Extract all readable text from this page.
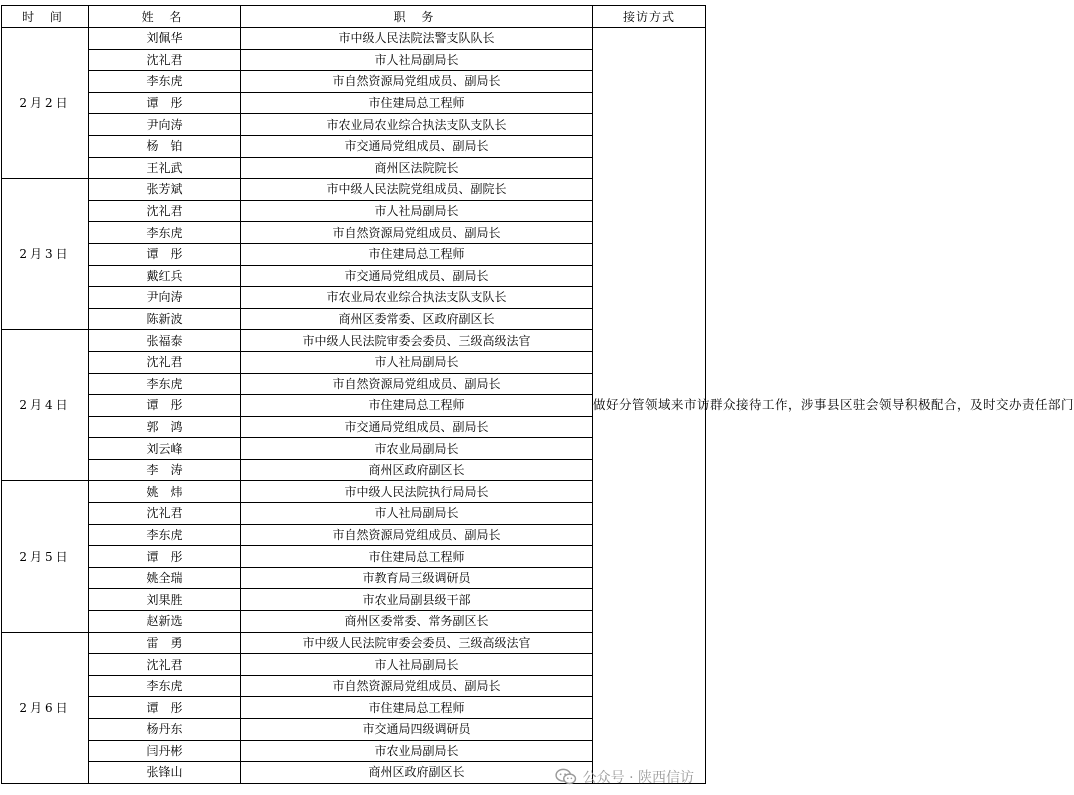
时 间	姓 名	职 务	接访方式
2月2日	刘佩华	市中级人民法院法警支队队长	做好分管领域来市访群众接待工作，涉事县区驻会领导积极配合，及时交办责任部门
	沈礼君	市人社局副局长	
	李东虎	市自然资源局党组成员、副局长	
	谭　彤	市住建局总工程师	
	尹向涛	市农业局农业综合执法支队支队长	
	杨　铂	市交通局党组成员、副局长	
	王礼武	商州区法院院长	
2月3日	张芳斌	市中级人民法院党组成员、副院长	
	沈礼君	市人社局副局长	
	李东虎	市自然资源局党组成员、副局长	
	谭　彤	市住建局总工程师	
	戴红兵	市交通局党组成员、副局长	
	尹向涛	市农业局农业综合执法支队支队长	
	陈新波	商州区委常委、区政府副区长	
2月4日	张福泰	市中级人民法院审委会委员、三级高级法官	
	沈礼君	市人社局副局长	
	李东虎	市自然资源局党组成员、副局长	
	谭　彤	市住建局总工程师	
	郭　鸿	市交通局党组成员、副局长	
	刘云峰	市农业局副局长	
	李　涛	商州区政府副区长	
2月5日	姚　炜	市中级人民法院执行局局长	
	沈礼君	市人社局副局长	
	李东虎	市自然资源局党组成员、副局长	
	谭　彤	市住建局总工程师	
	姚全瑞	市教育局三级调研员	
	刘果胜	市农业局副县级干部	
	赵新选	商州区委常委、常务副区长	
2月6日	雷　勇	市中级人民法院审委会委员、三级高级法官	
	沈礼君	市人社局副局长	
	李东虎	市自然资源局党组成员、副局长	
	谭　彤	市住建局总工程师	
	杨丹东	市交通局四级调研员	
	闫丹彬	市农业局副局长	
	张锋山	商州区政府副区长		公众号 · 陕西信访
